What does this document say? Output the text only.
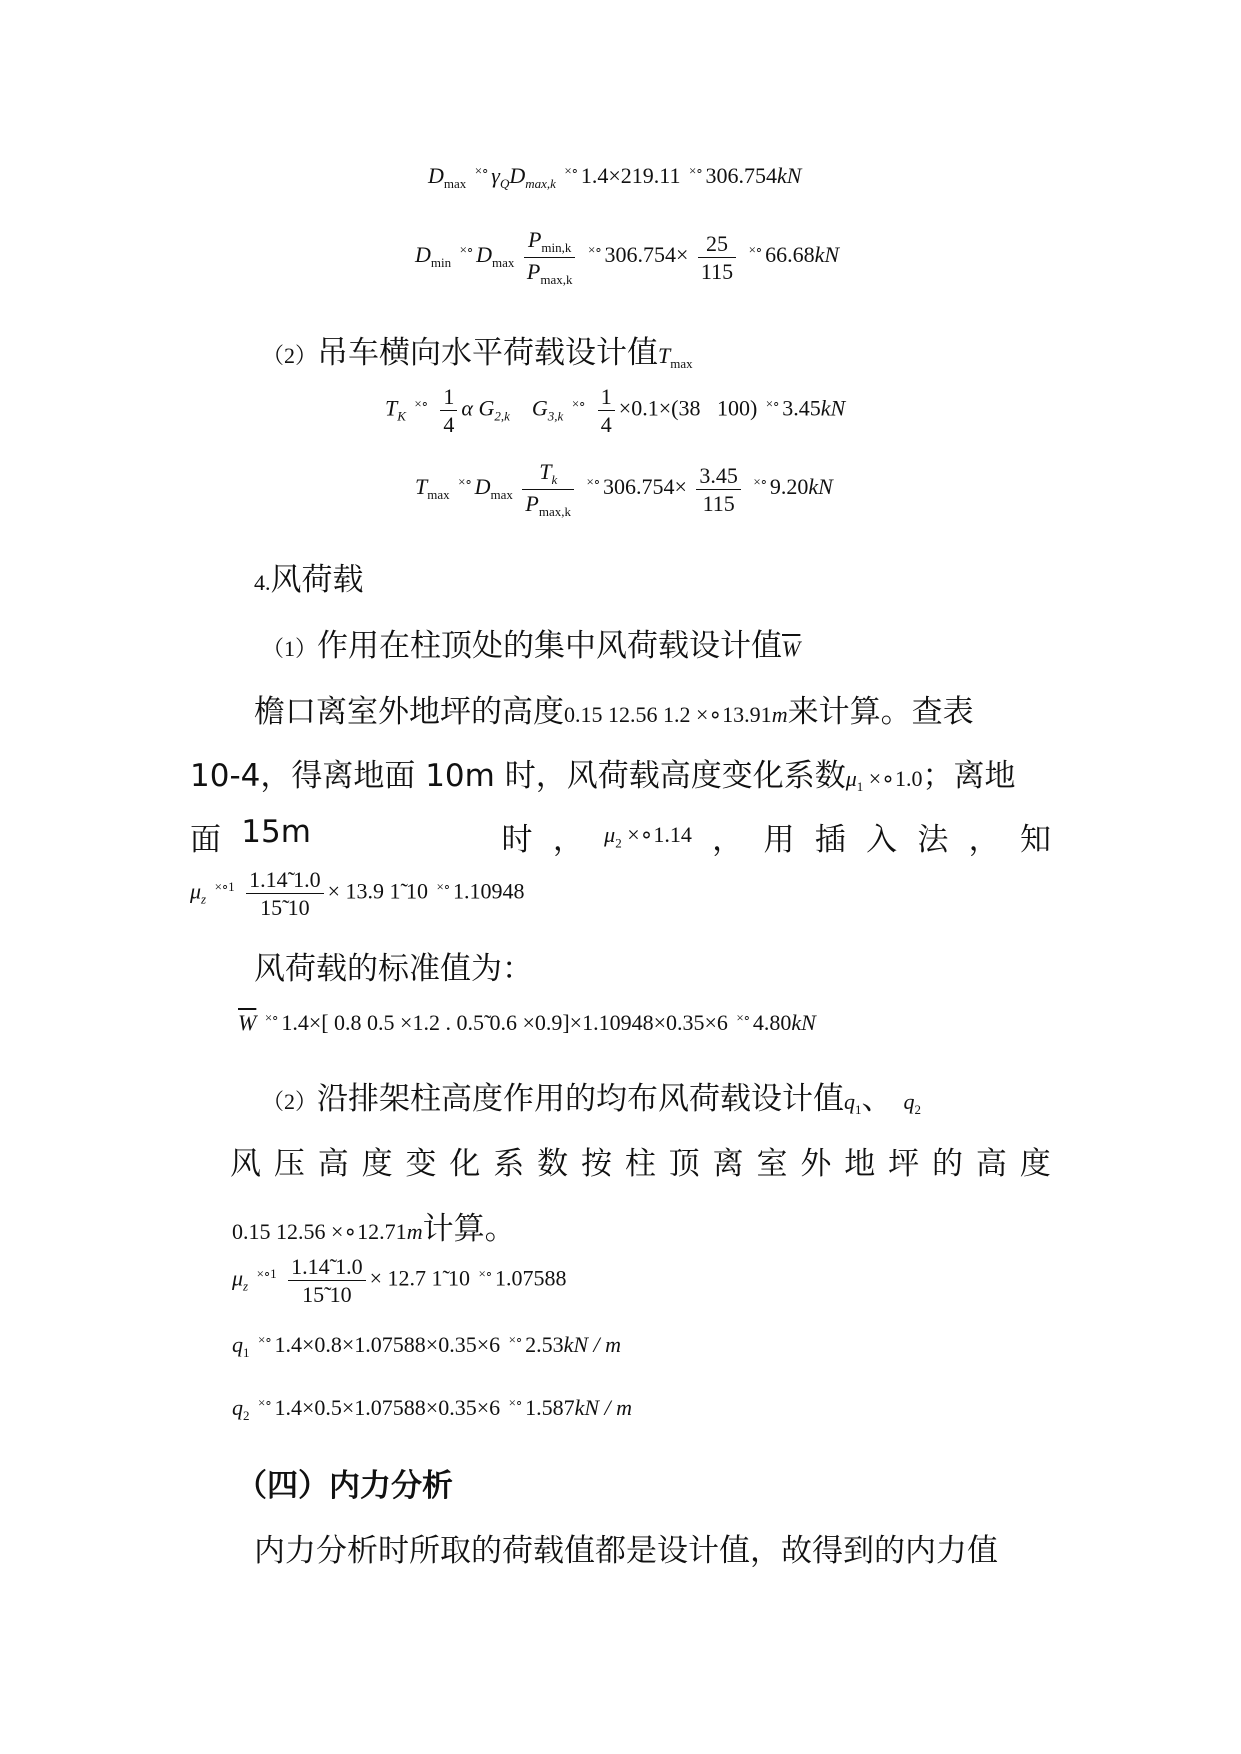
$D_{max}$ ×∘ $\gamma_QD_{max,k}$ ×∘ 1.4×219.11 ×∘ 306.754kN
$D_{min}$ ×∘ $D_{max} \frac{P_{min,k}}{P_{max,k}} ^{\times\circ}$ $306.754\times \frac{25}{115} ^{\times\circ}$ 66.68kN
（2）吊车横向水平荷载设计值$T_{max}$
$T_K$ $^{\times\circ} \frac{1}{4}$ α $G_{2,k}$ $G_{3,k}$ $^{\times\circ} \frac{1}{4} \times 0.1\times(38$ 100) ×∘ 3.45kN
$T_{max}$ ×∘ $D_{max} \frac{T_k}{P_{max,k}} ^{\times\circ}$ $306.754\times \frac{3.45}{115} ^{\times\circ}$ 9.20kN
4.风荷载
（1）作用在柱顶处的集中风荷载设计值$\overline{W}$
檐口离室外地坪的高度0.15 12.56 1.2 ×∘13.91m来计算。查表
10-4，得离地面 10m 时，风荷载高度变化系数$\mu_1$ ×∘1.0；离地
面 15m	时 ， $\mu_2$ ×∘1.14 ， 用 插 入 法 ， 知
$\mu_z$ $^{\times\circ 1} \frac{1.14̃ 1.0}{15̃ 10} \times 13.9$ 1̃ 10 ×∘ 1.10948
风荷载的标准值为：
$\overline{W}$ ×∘ 1.4×[ 0.8 0.5 ×1.2 . 0.5̃ 0.6 ×0.9]×1.10948×0.35×6 ×∘ 4.80kN
（2）沿排架柱高度作用的均布风荷载设计值$q_1$、 $q_2$
风 压 高 度 变 化 系 数 按 柱 顶 离 室 外 地 坪 的 高 度
0.15 12.56 ×∘12.71m计算。
$\mu_z$ $^{\times\circ 1} \frac{1.14̃ 1.0}{15̃ 10} \times 12.7$ 1̃ 10 ×∘ 1.07588
$q_1$ ×∘ 1.4×0.8×1.07588×0.35×6 ×∘ 2.53kN / m
$q_2$ ×∘ 1.4×0.5×1.07588×0.35×6 ×∘ 1.587kN / m
（四）内力分析
内力分析时所取的荷载值都是设计值，故得到的内力值
